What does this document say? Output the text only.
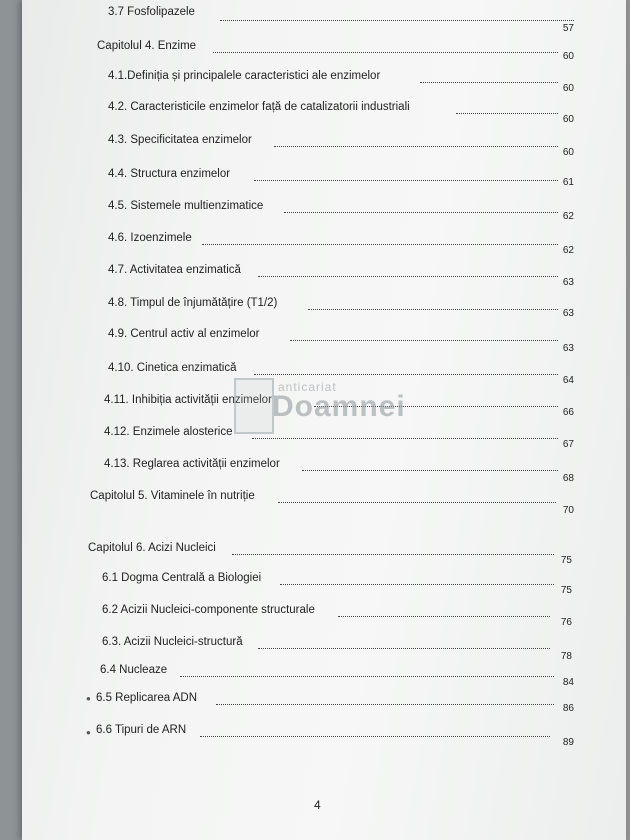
3.7 Fosfolipazele
57
Capitolul 4. Enzime
60
4.1.Definiția și principalele caracteristici ale enzimelor
60
4.2. Caracteristicile enzimelor față de catalizatorii industriali
60
4.3. Specificitatea enzimelor
60
4.4. Structura enzimelor
61
4.5. Sistemele multienzimatice
62
4.6. Izoenzimele
62
4.7. Activitatea enzimatică
63
4.8. Timpul de înjumătățire (T1/2)
63
4.9. Centrul activ al enzimelor
63
4.10. Cinetica enzimatică
64
4.11. Inhibiția activității enzimelor
66
4.12. Enzimele alosterice
67
4.13. Reglarea activității enzimelor
68
Capitolul 5. Vitaminele în nutriție
70
Capitolul 6. Acizi Nucleici
75
6.1 Dogma Centrală a Biologiei
75
6.2 Acizii Nucleici-componente structurale
76
6.3. Acizii Nucleici-structură
78
6.4 Nucleaze
84
● 6.5 Replicarea ADN
86
● 6.6 Tipuri de ARN
89
anticariat
Doamnei
4
